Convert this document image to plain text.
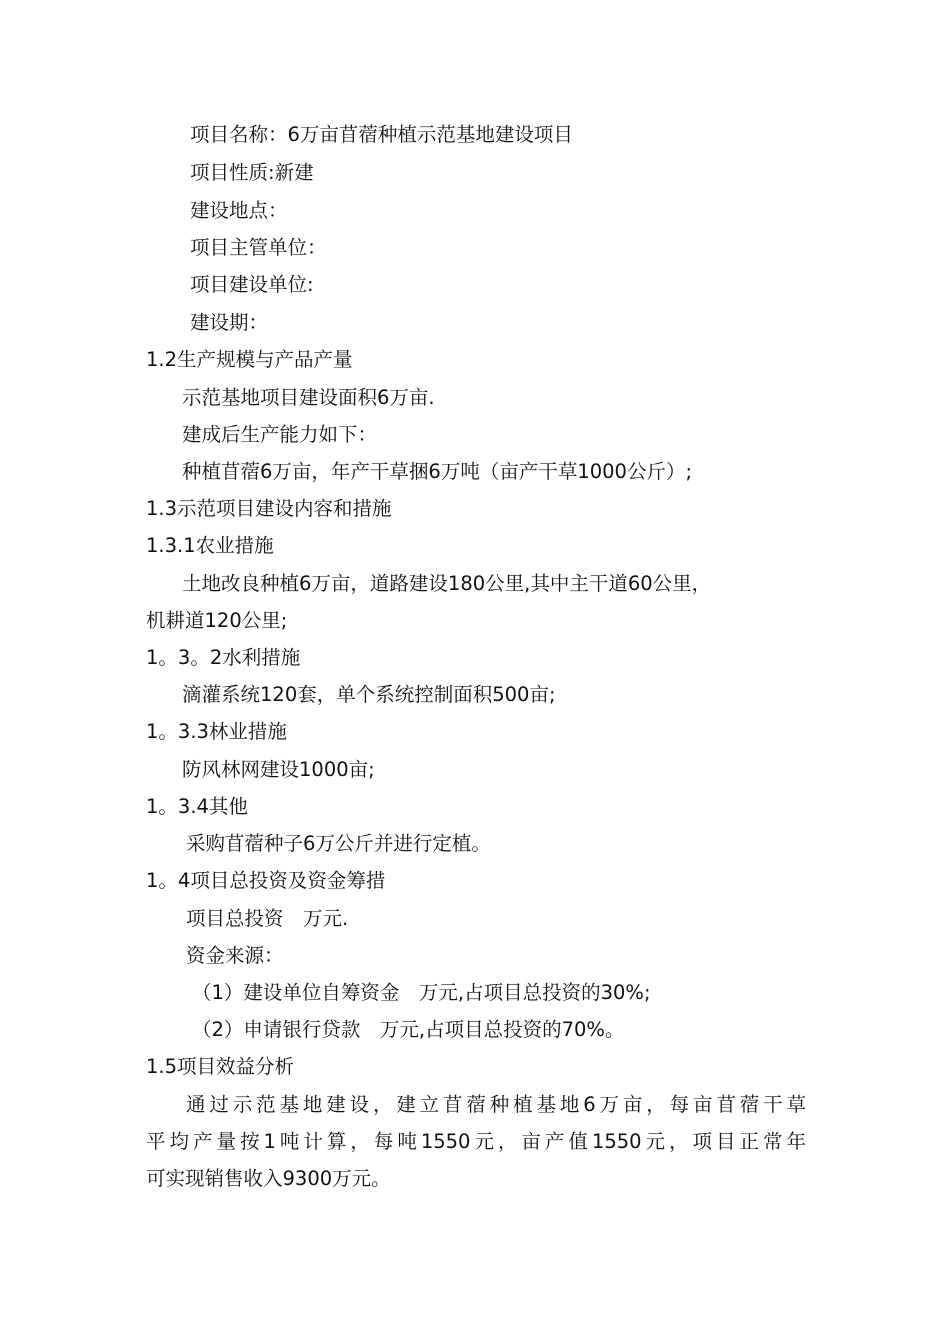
项目名称：6万亩苜蓿种植示范基地建设项目
项目性质:新建
建设地点：
项目主管单位：
项目建设单位:
建设期：
1.2生产规模与产品产量
示范基地项目建设面积6万亩.
建成后生产能力如下：
种植苜蓿6万亩，年产干草捆6万吨（亩产干草1000公斤）;
1.3示范项目建设内容和措施
1.3.1农业措施
土地改良种植6万亩，道路建设180公里,其中主干道60公里，
机耕道120公里;
1。3。2水利措施
滴灌系统120套，单个系统控制面积500亩;
1。3.3林业措施
防风林网建设1000亩;
1。3.4其他
采购苜蓿种子6万公斤并进行定植。
1。4项目总投资及资金筹措
项目总投资　万元.
资金来源：
（1）建设单位自筹资金　万元,占项目总投资的30%;
（2）申请银行贷款　万元,占项目总投资的70%。
1.5项目效益分析
通过示范基地建设，建立苜蓿种植基地6万亩，每亩苜蓿干草
平均产量按1吨计算，每吨1550元，亩产值1550元，项目正常年
可实现销售收入9300万元。
